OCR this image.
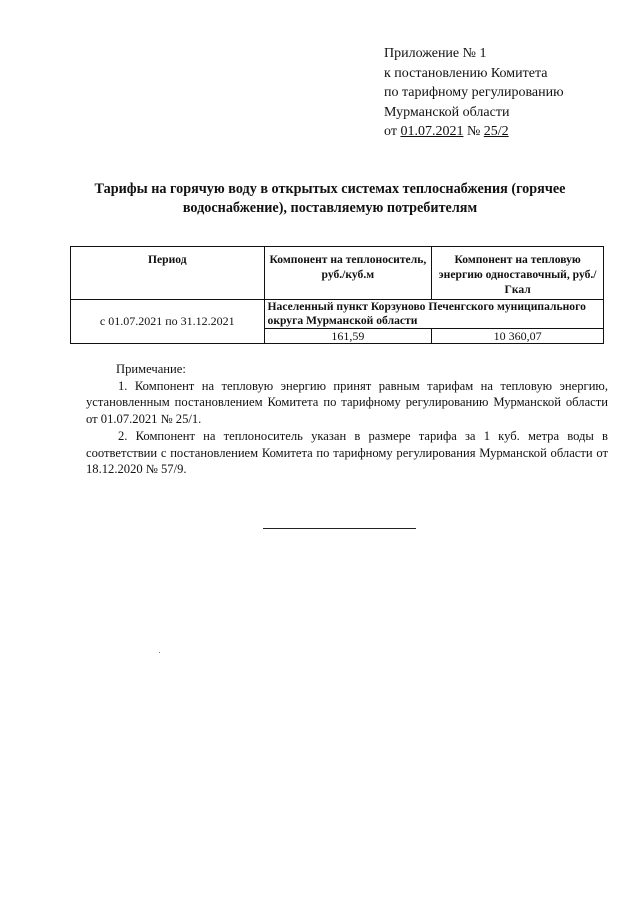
Приложение № 1
к постановлению Комитета
по тарифному регулированию
Мурманской области
от 01.07.2021 № 25/2
Тарифы на горячую воду в открытых системах теплоснабжения (горячее водоснабжение), поставляемую потребителям
Период	Компонент на теплоноситель, руб./куб.м	Компонент на тепловую энергию одноставочный, руб./Гкал
с 01.07.2021 по 31.12.2021	Населенный пункт Корзуново Печенгского муниципального округа Мурманской области	
	161,59	10 360,07
Примечание:

1. Компонент на тепловую энергию принят равным тарифам на тепловую энергию, установленным постановлением Комитета по тарифному регулированию Мурманской области от 01.07.2021 № 25/1.

2. Компонент на теплоноситель указан в размере тарифа за 1 куб. метра воды в соответствии с постановлением Комитета по тарифному регулирования Мурманской области от 18.12.2020 № 57/9.
